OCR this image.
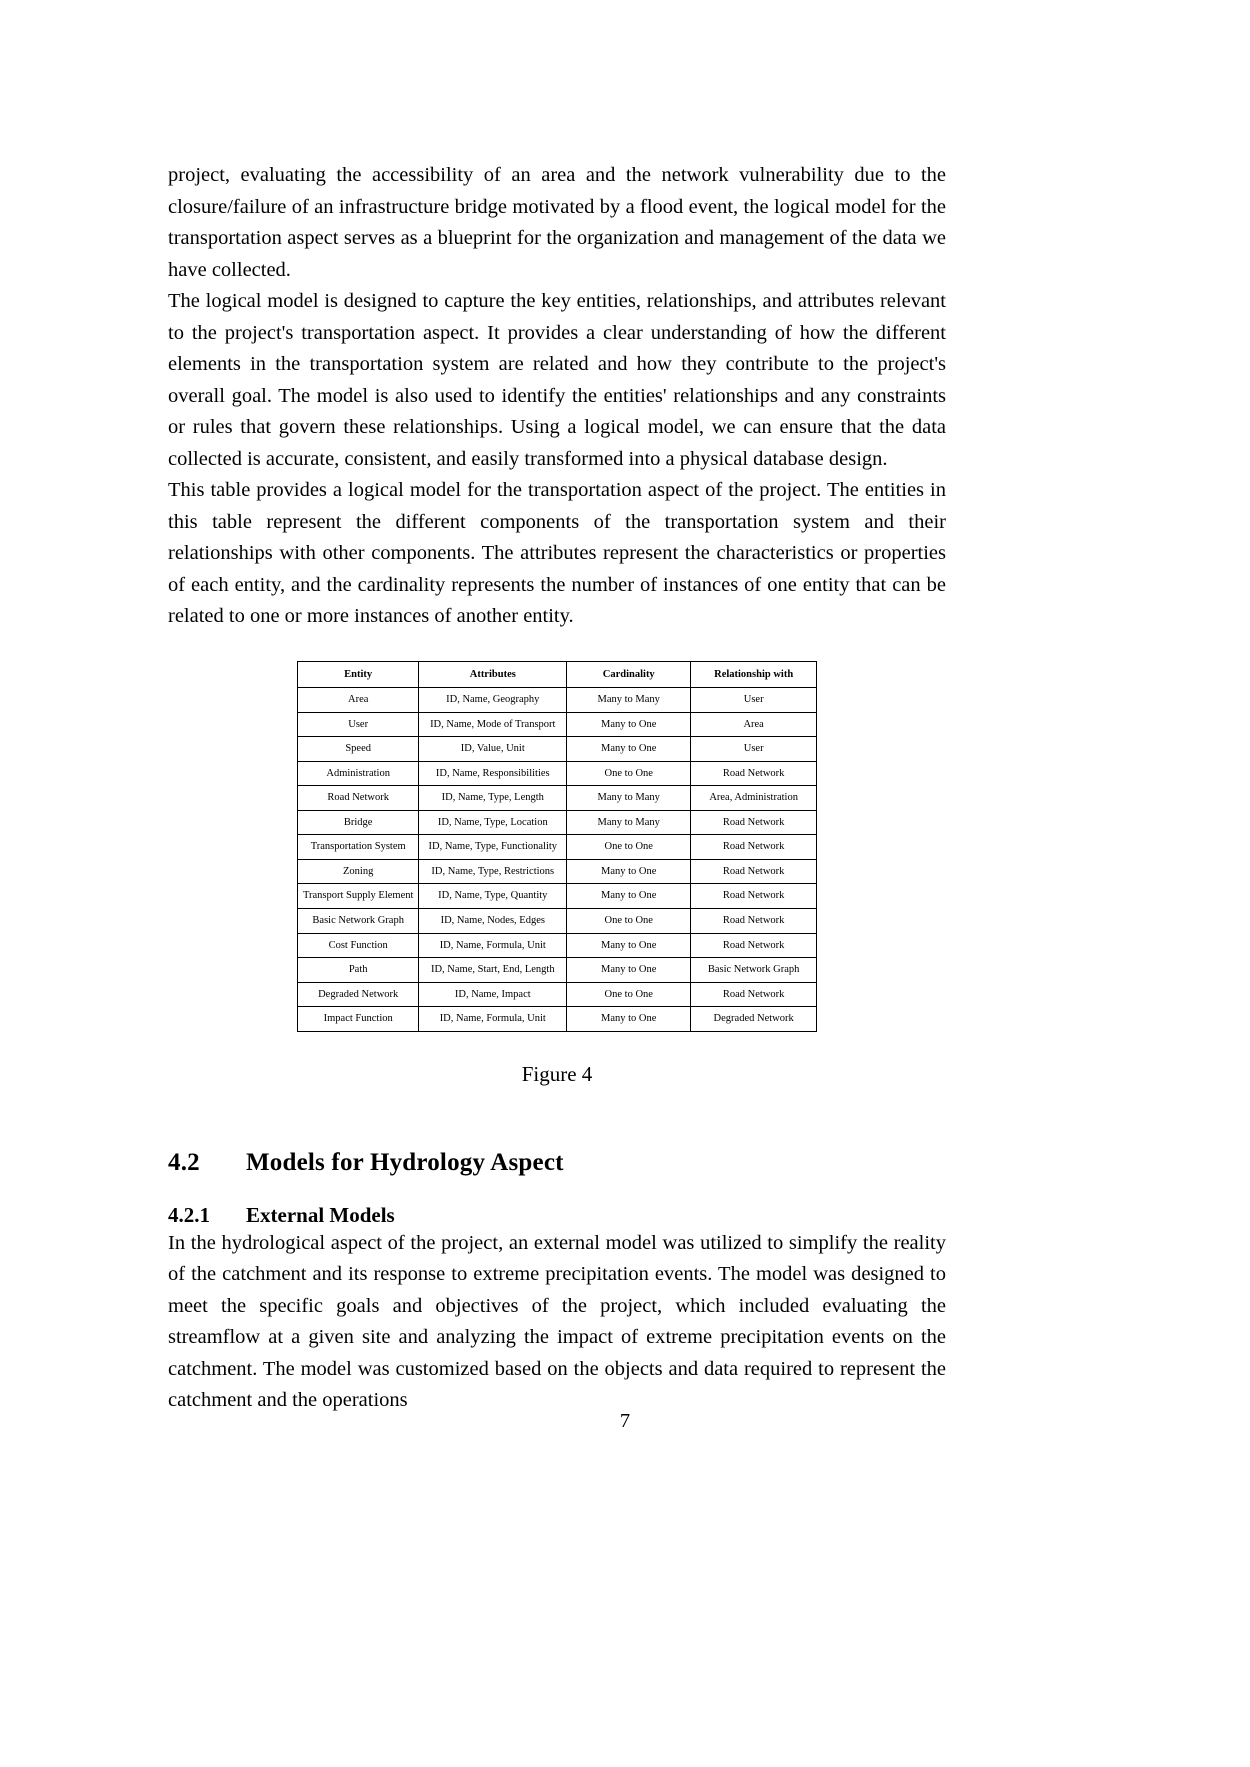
project, evaluating the accessibility of an area and the network vulnerability due to the closure/failure of an infrastructure bridge motivated by a flood event, the logical model for the transportation aspect serves as a blueprint for the organization and management of the data we have collected.

The logical model is designed to capture the key entities, relationships, and attributes relevant to the project's transportation aspect. It provides a clear understanding of how the different elements in the transportation system are related and how they contribute to the project's overall goal. The model is also used to identify the entities' relationships and any constraints or rules that govern these relationships. Using a logical model, we can ensure that the data collected is accurate, consistent, and easily transformed into a physical database design.

This table provides a logical model for the transportation aspect of the project. The entities in this table represent the different components of the transportation system and their relationships with other components. The attributes represent the characteristics or properties of each entity, and the cardinality represents the number of instances of one entity that can be related to one or more instances of another entity.

Entity	Attributes	Cardinality	Relationship with
Area	ID, Name, Geography	Many to Many	User
User	ID, Name, Mode of Transport	Many to One	Area
Speed	ID, Value, Unit	Many to One	User
Administration	ID, Name, Responsibilities	One to One	Road Network
Road Network	ID, Name, Type, Length	Many to Many	Area, Administration
Bridge	ID, Name, Type, Location	Many to Many	Road Network
Transportation System	ID, Name, Type, Functionality	One to One	Road Network
Zoning	ID, Name, Type, Restrictions	Many to One	Road Network
Transport Supply Element	ID, Name, Type, Quantity	Many to One	Road Network
Basic Network Graph	ID, Name, Nodes, Edges	One to One	Road Network
Cost Function	ID, Name, Formula, Unit	Many to One	Road Network
Path	ID, Name, Start, End, Length	Many to One	Basic Network Graph
Degraded Network	ID, Name, Impact	One to One	Road Network
Impact Function	ID, Name, Formula, Unit	Many to One	Degraded Network
Figure 4
4.2 Models for Hydrology Aspect
4.2.1 External Models

In the hydrological aspect of the project, an external model was utilized to simplify the reality of the catchment and its response to extreme precipitation events. The model was designed to meet the specific goals and objectives of the project, which included evaluating the streamflow at a given site and analyzing the impact of extreme precipitation events on the catchment. The model was customized based on the objects and data required to represent the catchment and the operations

7
